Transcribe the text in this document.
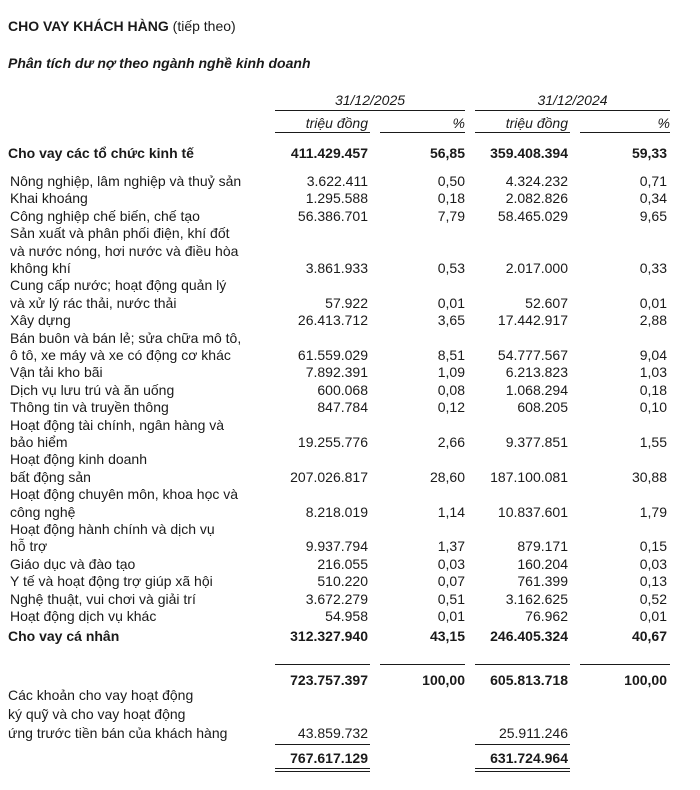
CHO VAY KHÁCH HÀNG (tiếp theo)
Phân tích dư nợ theo ngành nghề kinh doanh
31/12/2025	31/12/2024
triệu đồng	%	triệu đồng	%
Cho vay các tổ chức kinh tế	411.429.457	56,85	359.408.394	59,33
Nông nghiệp, lâm nghiệp và thuỷ sản	3.622.411	0,50	4.324.232	0,71
Khai khoáng	1.295.588	0,18	2.082.826	0,34
Công nghiệp chế biến, chế tạo	56.386.701	7,79	58.465.029	9,65
Sản xuất và phân phối điện, khí đốt
và nước nóng, hơi nước và điều hòa
không khí	3.861.933	0,53	2.017.000	0,33
Cung cấp nước; hoạt động quản lý
và xử lý rác thải, nước thải	57.922	0,01	52.607	0,01
Xây dựng	26.413.712	3,65	17.442.917	2,88
Bán buôn và bán lẻ; sửa chữa mô tô,
ô tô, xe máy và xe có động cơ khác	61.559.029	8,51	54.777.567	9,04
Vận tải kho bãi	7.892.391	1,09	6.213.823	1,03
Dịch vụ lưu trú và ăn uống	600.068	0,08	1.068.294	0,18
Thông tin và truyền thông	847.784	0,12	608.205	0,10
Hoạt động tài chính, ngân hàng và
bảo hiểm	19.255.776	2,66	9.377.851	1,55
Hoạt động kinh doanh
bất động sản	207.026.817	28,60	187.100.081	30,88
Hoạt động chuyên môn, khoa học và
công nghệ	8.218.019	1,14	10.837.601	1,79
Hoạt động hành chính và dịch vụ
hỗ trợ	9.937.794	1,37	879.171	0,15
Giáo dục và đào tạo	216.055	0,03	160.204	0,03
Y tế và hoạt động trợ giúp xã hội	510.220	0,07	761.399	0,13
Nghệ thuật, vui chơi và giải trí	3.672.279	0,51	3.162.625	0,52
Hoạt động dịch vụ khác	54.958	0,01	76.962	0,01
Cho vay cá nhân	312.327.940	43,15	246.405.324	40,67
723.757.397	100,00	605.813.718	100,00
Các khoản cho vay hoạt động
ký quỹ và cho vay hoạt động
ứng trước tiền bán của khách hàng	43.859.732	25.911.246
767.617.129	631.724.964
